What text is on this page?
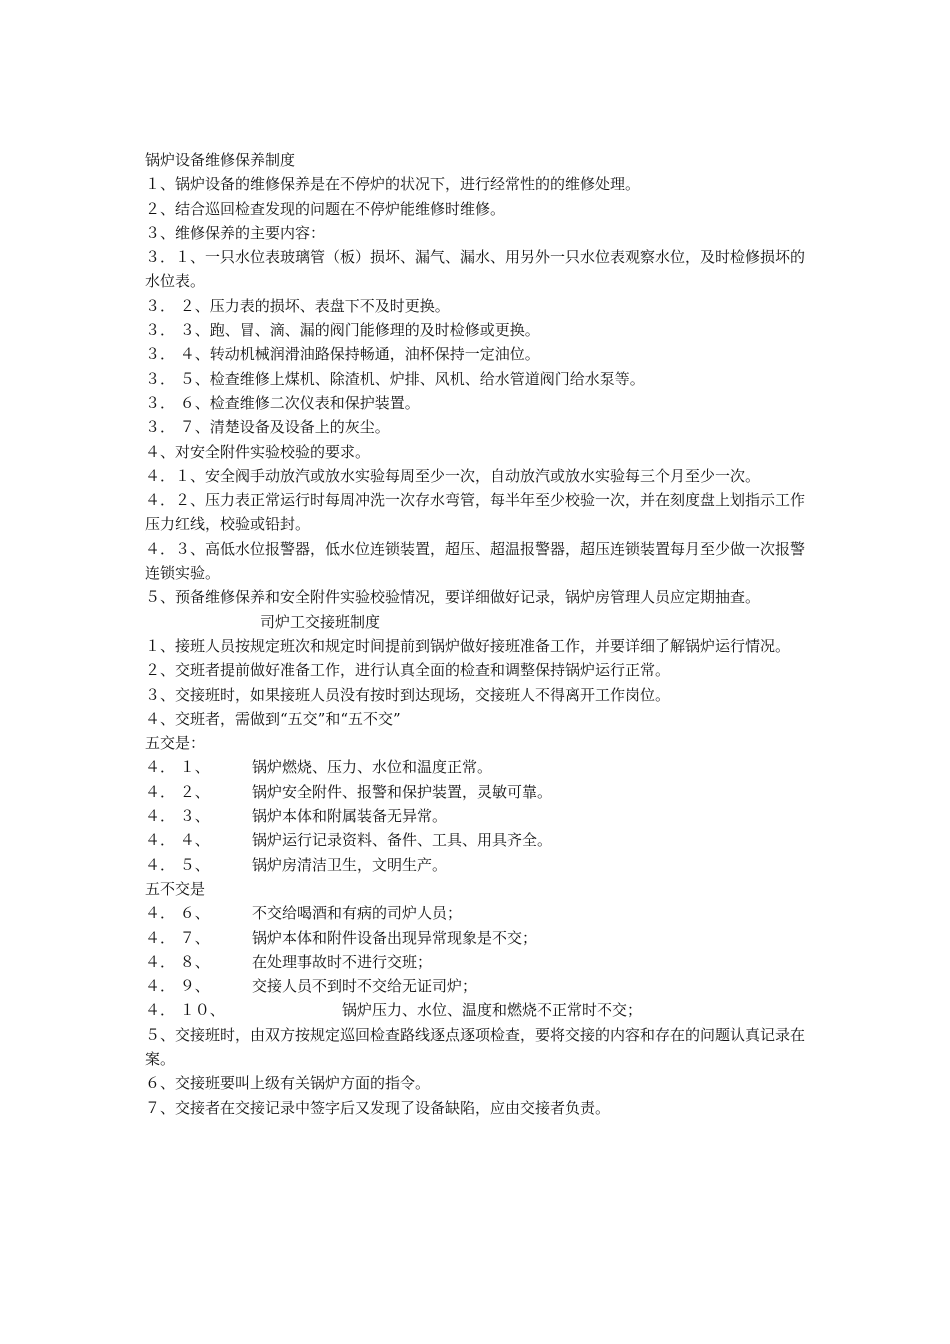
锅炉设备维修保养制度
１、锅炉设备的维修保养是在不停炉的状况下，进行经常性的的维修处理。
２、结合巡回检查发现的问题在不停炉能维修时维修。
３、维修保养的主要内容：
３．１、一只水位表玻璃管（板）损坏、漏气、漏水、用另外一只水位表观察水位，及时检修损坏的水位表。
３． ２、压力表的损坏、表盘下不及时更换。
３． ３、跑、冒、滴、漏的阀门能修理的及时检修或更换。
３． ４、转动机械润滑油路保持畅通，油杯保持一定油位。
３． ５、检查维修上煤机、除渣机、炉排、风机、给水管道阀门给水泵等。
３． ６、检查维修二次仪表和保护装置。
３． ７、清楚设备及设备上的灰尘。
４、对安全附件实验校验的要求。
４．１、安全阀手动放汽或放水实验每周至少一次，自动放汽或放水实验每三个月至少一次。
４．２、压力表正常运行时每周冲洗一次存水弯管，每半年至少校验一次，并在刻度盘上划指示工作压力红线，校验或铅封。
４．３、高低水位报警器，低水位连锁装置，超压、超温报警器，超压连锁装置每月至少做一次报警连锁实验。
５、预备维修保养和安全附件实验校验情况，要详细做好记录，锅炉房管理人员应定期抽查。
司炉工交接班制度
１、接班人员按规定班次和规定时间提前到锅炉做好接班准备工作，并要详细了解锅炉运行情况。
２、交班者提前做好准备工作，进行认真全面的检查和调整保持锅炉运行正常。
３、交接班时，如果接班人员没有按时到达现场，交接班人不得离开工作岗位。
４、交班者，需做到“五交”和“五不交”
五交是：
４． １、	锅炉燃烧、压力、水位和温度正常。
４． ２、	锅炉安全附件、报警和保护装置，灵敏可靠。
４． ３、	锅炉本体和附属装备无异常。
４． ４、	锅炉运行记录资料、备件、工具、用具齐全。
４． ５、	锅炉房清洁卫生，文明生产。
五不交是
４． ６、	不交给喝酒和有病的司炉人员；
４． ７、	锅炉本体和附件设备出现异常现象是不交；
４． ８、	在处理事故时不进行交班；
４． ９、	交接人员不到时不交给无证司炉；
４． １０、	锅炉压力、水位、温度和燃烧不正常时不交；
５、交接班时，由双方按规定巡回检查路线逐点逐项检查，要将交接的内容和存在的问题认真记录在案。
６、交接班要叫上级有关锅炉方面的指令。
７、交接者在交接记录中签字后又发现了设备缺陷，应由交接者负责。
